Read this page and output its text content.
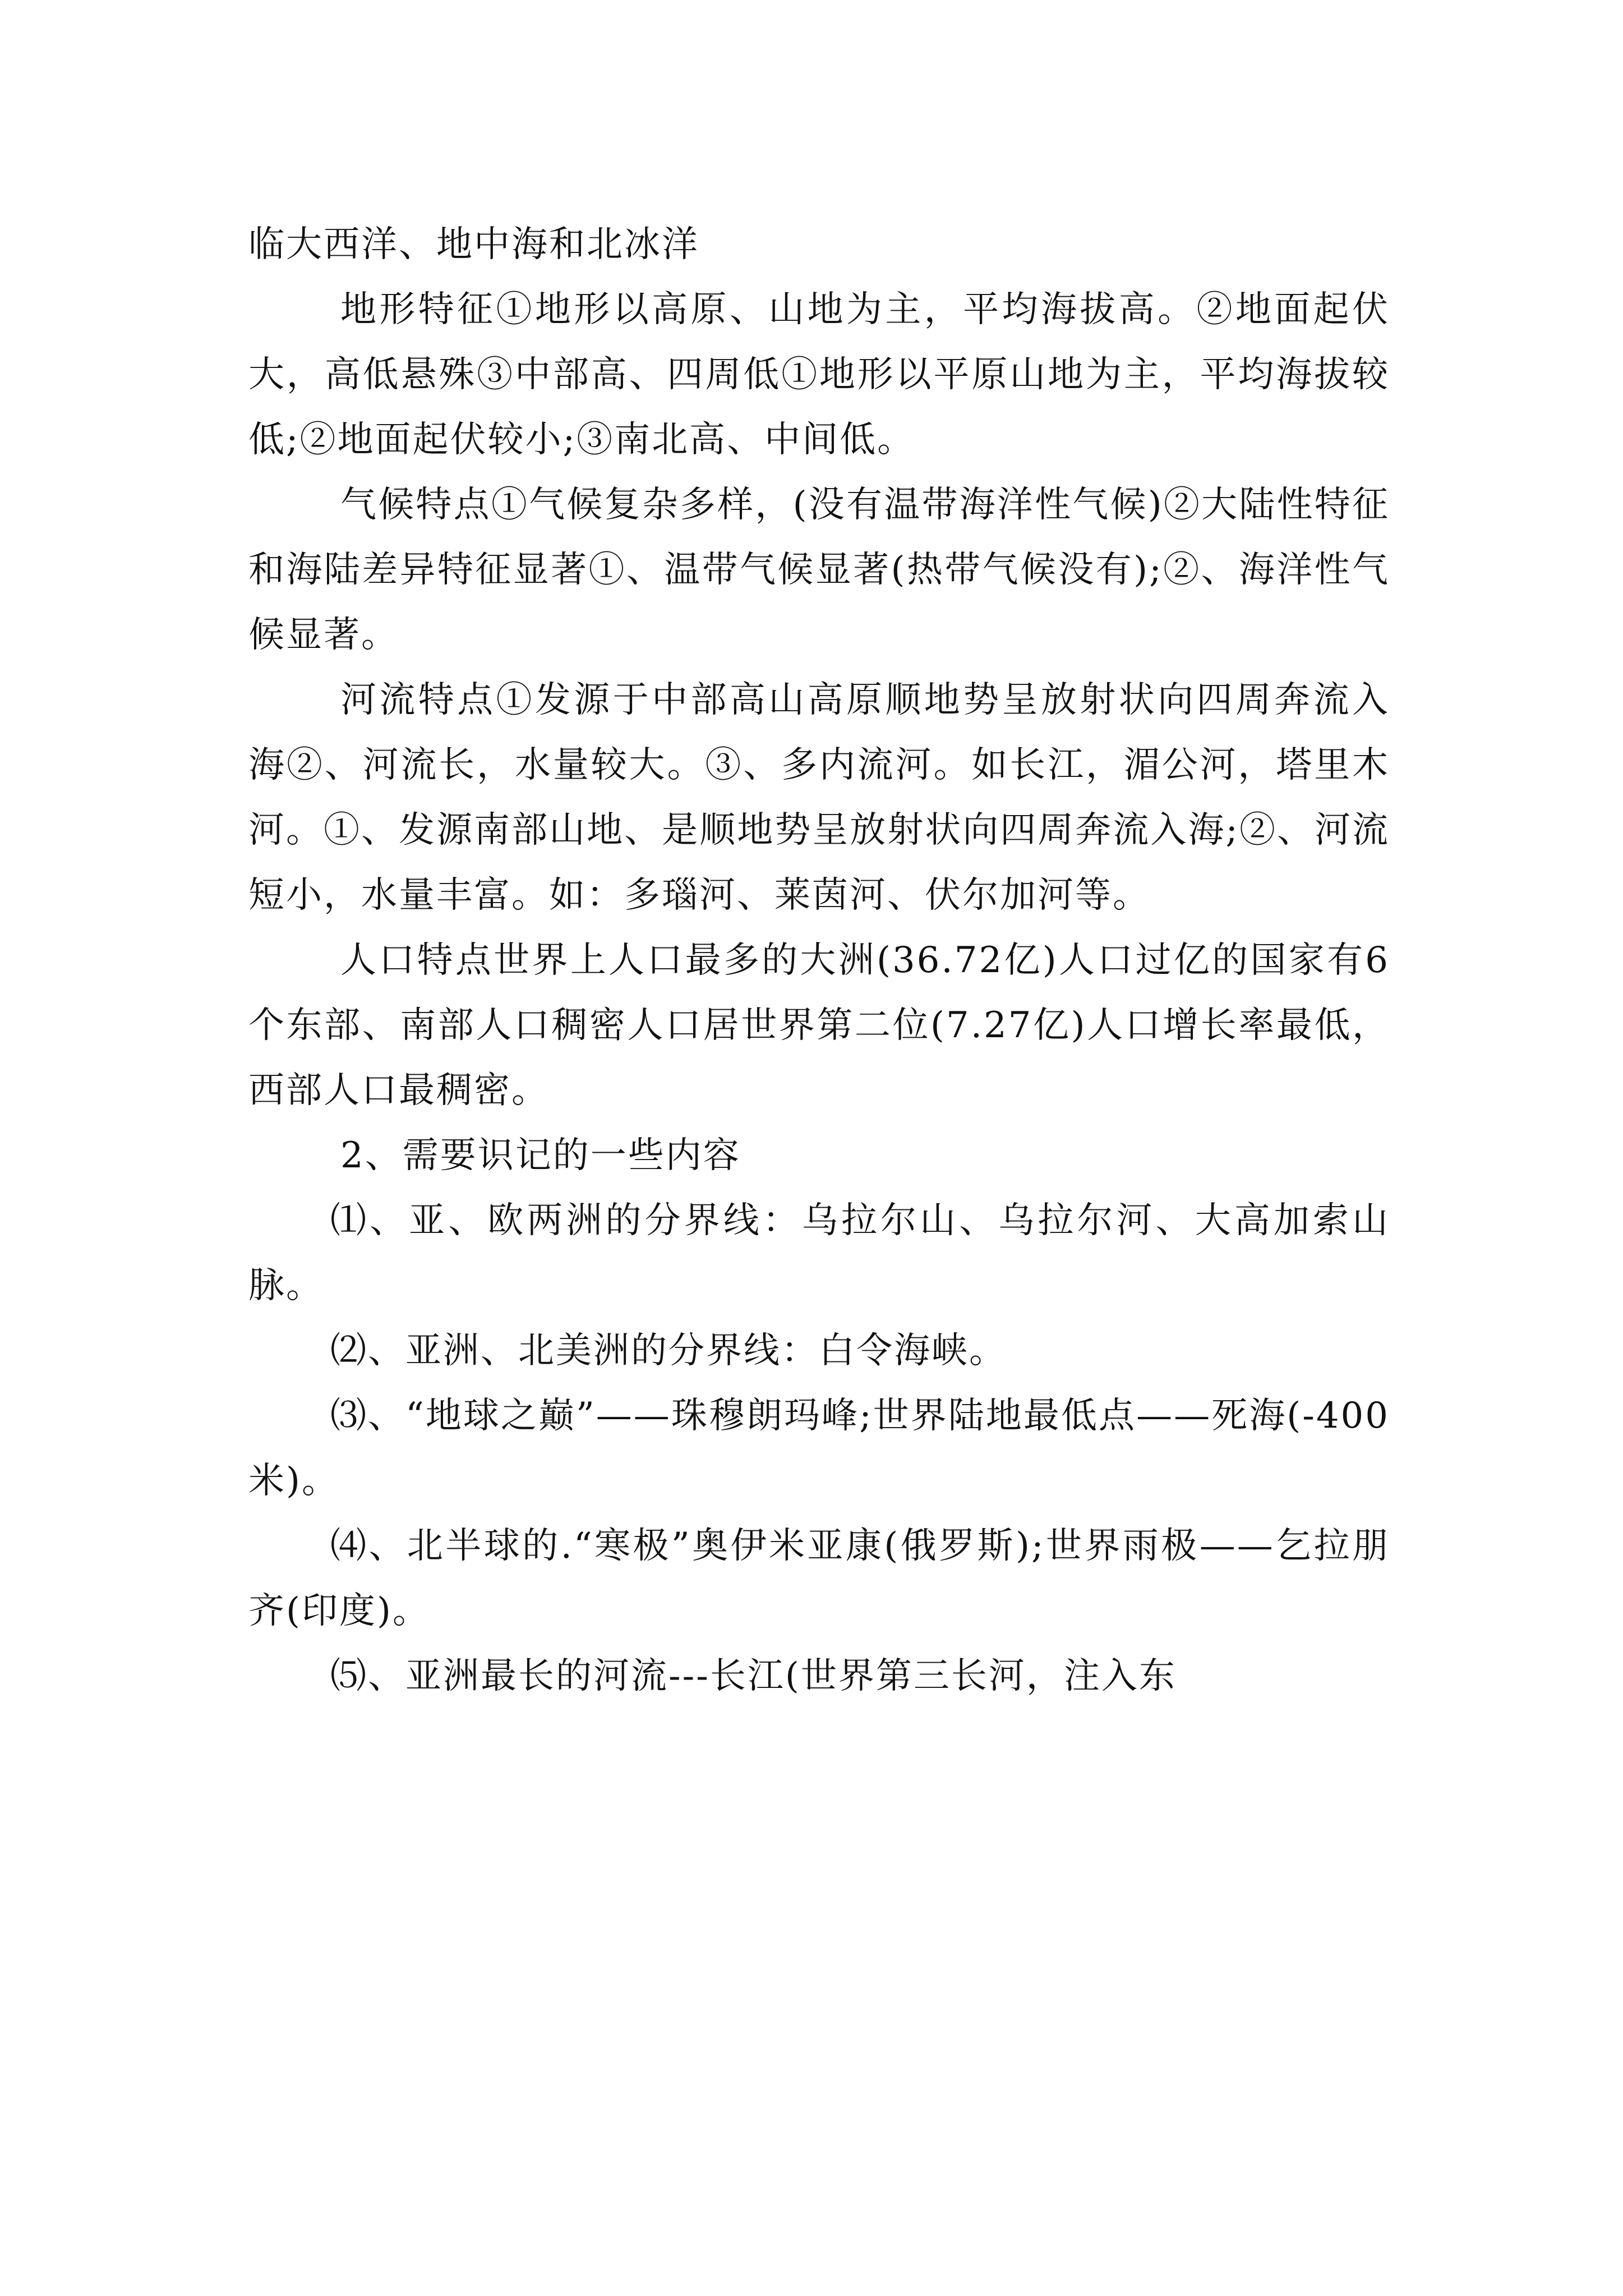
临大西洋、地中海和北冰洋

地形特征①地形以高原、山地为主，平均海拔高。②地面起伏大，高低悬殊③中部高、四周低①地形以平原山地为主，平均海拔较低;②地面起伏较小;③南北高、中间低。

气候特点①气候复杂多样，(没有温带海洋性气候)②大陆性特征和海陆差异特征显著①、温带气候显著(热带气候没有);②、海洋性气候显著。

河流特点①发源于中部高山高原顺地势呈放射状向四周奔流入海②、河流长，水量较大。③、多内流河。如长江，湄公河，塔里木河。①、发源南部山地、是顺地势呈放射状向四周奔流入海;②、河流短小，水量丰富。如：多瑙河、莱茵河、伏尔加河等。

人口特点世界上人口最多的大洲(36.72亿)人口过亿的国家有6个东部、南部人口稠密人口居世界第二位(7.27亿)人口增长率最低，西部人口最稠密。

2、需要识记的一些内容

⑴、亚、欧两洲的分界线：乌拉尔山、乌拉尔河、大高加索山脉。

⑵、亚洲、北美洲的分界线：白令海峡。

⑶、“地球之巅”——珠穆朗玛峰;世界陆地最低点——死海(-400米)。

⑷、北半球的.“寒极”奥伊米亚康(俄罗斯);世界雨极——乞拉朋齐(印度)。

⑸、亚洲最长的河流---长江(世界第三长河，注入东
